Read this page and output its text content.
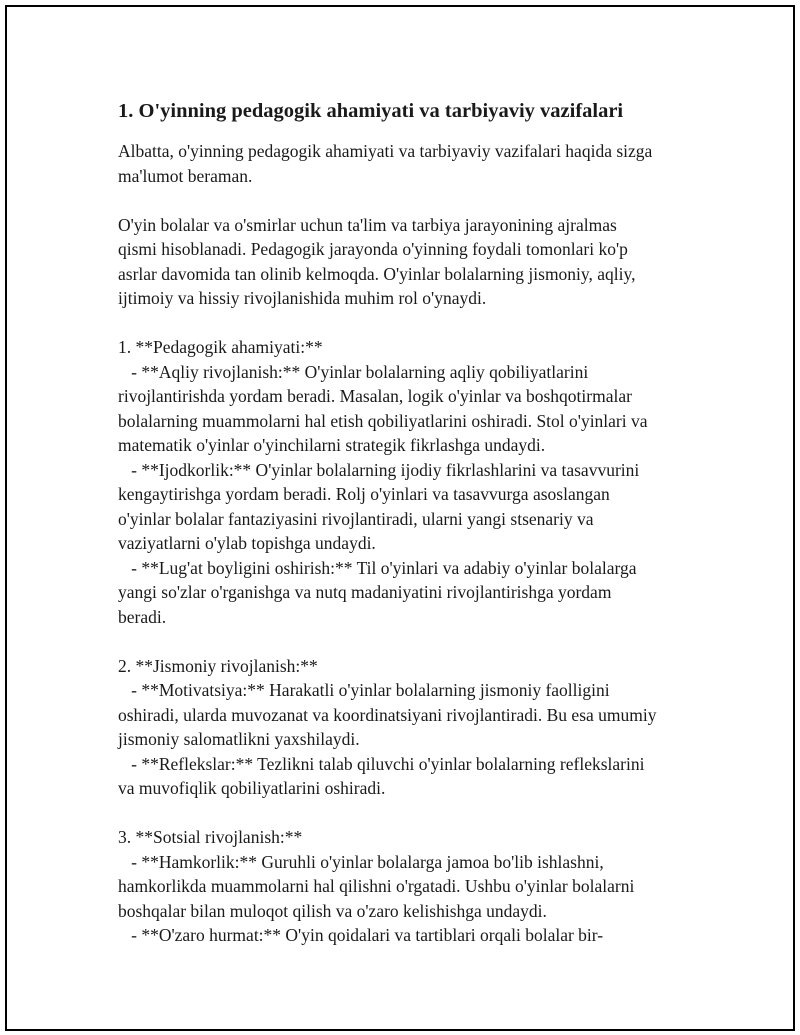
1. O'yinning pedagogik ahamiyati va tarbiyaviy vazifalari
Albatta, o'yinning pedagogik ahamiyati va tarbiyaviy vazifalari haqida sizga
ma'lumot beraman.
O'yin bolalar va o'smirlar uchun ta'lim va tarbiya jarayonining ajralmas
qismi hisoblanadi. Pedagogik jarayonda o'yinning foydali tomonlari ko'p
asrlar davomida tan olinib kelmoqda. O'yinlar bolalarning jismoniy, aqliy,
ijtimoiy va hissiy rivojlanishida muhim rol o'ynaydi.
1. **Pedagogik ahamiyati:**
- **Aqliy rivojlanish:** O'yinlar bolalarning aqliy qobiliyatlarini
rivojlantirishda yordam beradi. Masalan, logik o'yinlar va boshqotirmalar
bolalarning muammolarni hal etish qobiliyatlarini oshiradi. Stol o'yinlari va
matematik o'yinlar o'yinchilarni strategik fikrlashga undaydi.
- **Ijodkorlik:** O'yinlar bolalarning ijodiy fikrlashlarini va tasavvurini
kengaytirishga yordam beradi. Rolj o'yinlari va tasavvurga asoslangan
o'yinlar bolalar fantaziyasini rivojlantiradi, ularni yangi stsenariy va
vaziyatlarni o'ylab topishga undaydi.
- **Lug'at boyligini oshirish:** Til o'yinlari va adabiy o'yinlar bolalarga
yangi so'zlar o'rganishga va nutq madaniyatini rivojlantirishga yordam
beradi.
2. **Jismoniy rivojlanish:**
- **Motivatsiya:** Harakatli o'yinlar bolalarning jismoniy faolligini
oshiradi, ularda muvozanat va koordinatsiyani rivojlantiradi. Bu esa umumiy
jismoniy salomatlikni yaxshilaydi.
- **Reflekslar:** Tezlikni talab qiluvchi o'yinlar bolalarning reflekslarini
va muvofiqlik qobiliyatlarini oshiradi.
3. **Sotsial rivojlanish:**
- **Hamkorlik:** Guruhli o'yinlar bolalarga jamoa bo'lib ishlashni,
hamkorlikda muammolarni hal qilishni o'rgatadi. Ushbu o'yinlar bolalarni
boshqalar bilan muloqot qilish va o'zaro kelishishga undaydi.
- **O'zaro hurmat:** O'yin qoidalari va tartiblari orqali bolalar bir-
